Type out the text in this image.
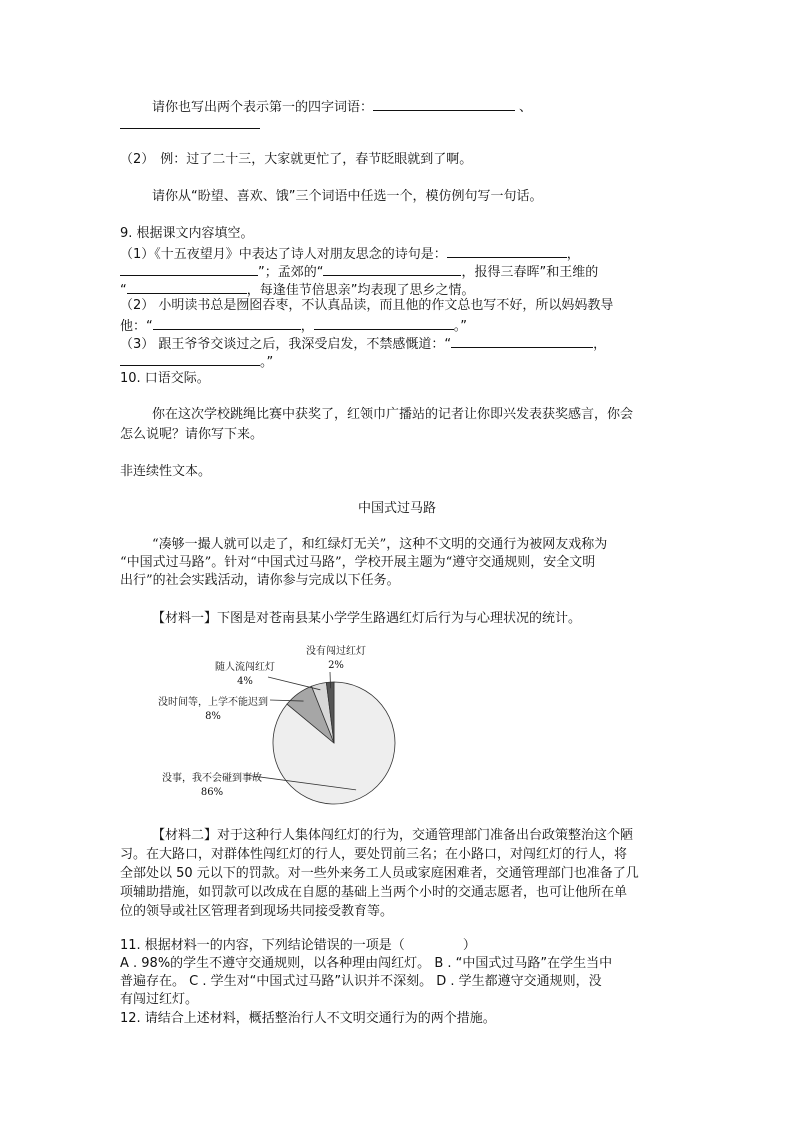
请你也写出两个表示第一的四字词语：	、
（2） 例：过了二十三，大家就更忙了，春节眨眼就到了啊。
请你从“盼望、喜欢、饿”三个词语中任选一个，模仿例句写一句话。
9. 根据课文内容填空。
（1）《十五夜望月》中表达了诗人对朋友思念的诗句是：	，
”；孟郊的“	，报得三春晖”和王维的
“	，每逢佳节倍思亲”均表现了思乡之情。
（2） 小明读书总是囫囵吞枣，不认真品读，而且他的作文总也写不好，所以妈妈教导
他：“	，	。”
（3） 跟王爷爷交谈过之后，我深受启发，不禁感慨道：“	，
。”
10. 口语交际。
你在这次学校跳绳比赛中获奖了，红领巾广播站的记者让你即兴发表获奖感言，你会
怎么说呢？请你写下来。
非连续性文本。
中国式过马路
“凑够一撮人就可以走了，和红绿灯无关”，这种不文明的交通行为被网友戏称为
“中国式过马路”。针对“中国式过马路”，学校开展主题为“遵守交通规则，安全文明
出行”的社会实践活动，请你参与完成以下任务。
【材料一】下图是对苍南县某小学学生路遇红灯后行为与心理状况的统计。
没有闯过红灯
2%
随人流闯红灯
4%
没时间等，上学不能迟到
8%
没事，我不会碰到事故
86%
【材料二】对于这种行人集体闯红灯的行为，交通管理部门准备出台政策整治这个陋
习。在大路口，对群体性闯红灯的行人，要处罚前三名；在小路口，对闯红灯的行人，将
全部处以 50 元以下的罚款。对一些外来务工人员或家庭困难者，交通管理部门也准备了几
项辅助措施，如罚款可以改成在自愿的基础上当两个小时的交通志愿者，也可让他所在单
位的领导或社区管理者到现场共同接受教育等。
11. 根据材料一的内容，下列结论错误的一项是（	）
A . 98%的学生不遵守交通规则，以各种理由闯红灯。 B . “中国式过马路”在学生当中
普遍存在。 C . 学生对“中国式过马路”认识并不深刻。 D . 学生都遵守交通规则，没
有闯过红灯。
12. 请结合上述材料，概括整治行人不文明交通行为的两个措施。
